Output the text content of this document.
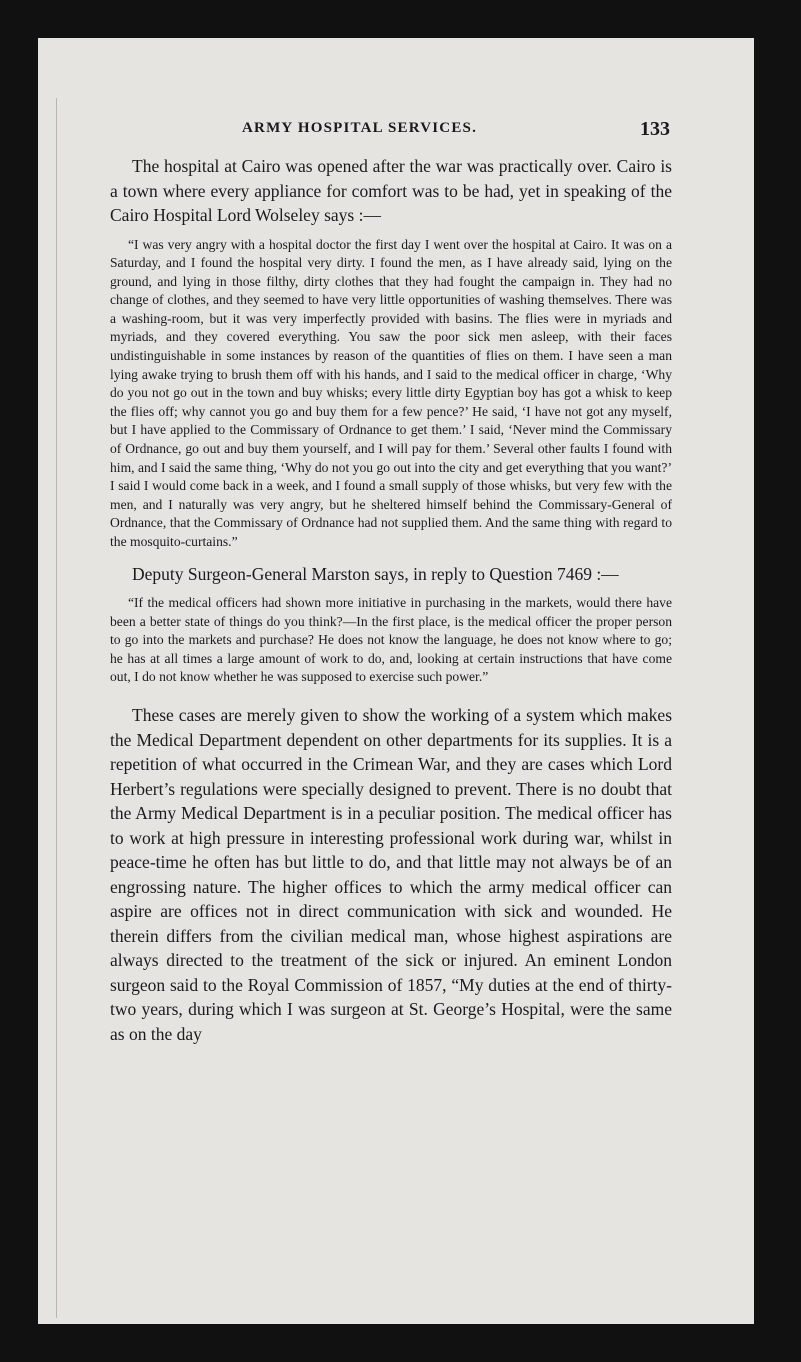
ARMY HOSPITAL SERVICES.	133

The hospital at Cairo was opened after the war was practically over. Cairo is a town where every appliance for comfort was to be had, yet in speaking of the Cairo Hospital Lord Wolseley says :—

“I was very angry with a hospital doctor the first day I went over the hospital at Cairo. It was on a Saturday, and I found the hospital very dirty. I found the men, as I have already said, lying on the ground, and lying in those filthy, dirty clothes that they had fought the campaign in. They had no change of clothes, and they seemed to have very little opportunities of washing themselves. There was a washing-room, but it was very imperfectly provided with basins. The flies were in myriads and myriads, and they covered everything. You saw the poor sick men asleep, with their faces undistinguishable in some instances by reason of the quantities of flies on them. I have seen a man lying awake trying to brush them off with his hands, and I said to the medical officer in charge, ‘Why do you not go out in the town and buy whisks; every little dirty Egyptian boy has got a whisk to keep the flies off; why cannot you go and buy them for a few pence?’ He said, ‘I have not got any myself, but I have applied to the Commissary of Ordnance to get them.’ I said, ‘Never mind the Commissary of Ordnance, go out and buy them yourself, and I will pay for them.’ Several other faults I found with him, and I said the same thing, ‘Why do not you go out into the city and get everything that you want?’ I said I would come back in a week, and I found a small supply of those whisks, but very few with the men, and I naturally was very angry, but he sheltered himself behind the Commissary-General of Ordnance, that the Commissary of Ordnance had not supplied them. And the same thing with regard to the mosquito-curtains.”

Deputy Surgeon-General Marston says, in reply to Question 7469 :—

“If the medical officers had shown more initiative in purchasing in the markets, would there have been a better state of things do you think?—In the first place, is the medical officer the proper person to go into the markets and purchase? He does not know the language, he does not know where to go; he has at all times a large amount of work to do, and, looking at certain instructions that have come out, I do not know whether he was supposed to exercise such power.”

These cases are merely given to show the working of a system which makes the Medical Department dependent on other departments for its supplies. It is a repetition of what occurred in the Crimean War, and they are cases which Lord Herbert’s regulations were specially designed to prevent. There is no doubt that the Army Medical Department is in a peculiar position. The medical officer has to work at high pressure in interesting professional work during war, whilst in peace-time he often has but little to do, and that little may not always be of an engrossing nature. The higher offices to which the army medical officer can aspire are offices not in direct communication with sick and wounded. He therein differs from the civilian medical man, whose highest aspirations are always directed to the treatment of the sick or injured. An eminent London surgeon said to the Royal Commission of 1857, “My duties at the end of thirty-two years, during which I was surgeon at St. George’s Hospital, were the same as on the day
